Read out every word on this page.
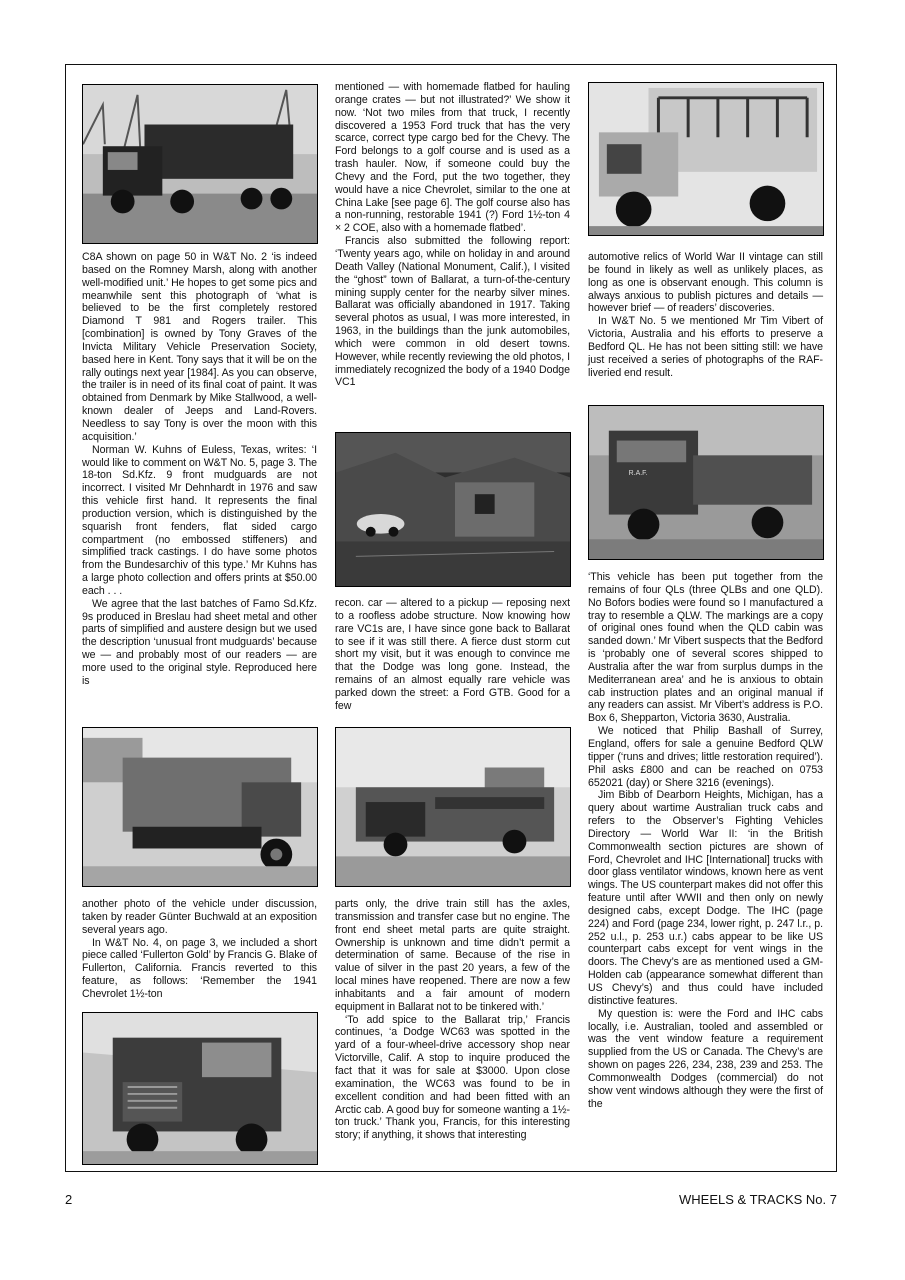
C8A shown on page 50 in W&T No. 2 ‘is indeed based on the Romney Marsh, along with another well-modified unit.’ He hopes to get some pics and meanwhile sent this photograph of ‘what is believed to be the first completely restored Diamond T 981 and Rogers trailer. This [combination] is owned by Tony Graves of the Invicta Military Vehicle Preservation Society, based here in Kent. Tony says that it will be on the rally outings next year [1984]. As you can observe, the trailer is in need of its final coat of paint. It was obtained from Denmark by Mike Stallwood, a well-known dealer of Jeeps and Land-Rovers. Needless to say Tony is over the moon with this acquisition.’

Norman W. Kuhns of Euless, Texas, writes: ‘I would like to comment on W&T No. 5, page 3. The 18-ton Sd.Kfz. 9 front mudguards are not incorrect. I visited Mr Dehnhardt in 1976 and saw this vehicle first hand. It represents the final production version, which is distinguished by the squarish front fenders, flat sided cargo compartment (no embossed stiffeners) and simplified track castings. I do have some photos from the Bundesarchiv of this type.’ Mr Kuhns has a large photo collection and offers prints at $50.00 each . . .

We agree that the last batches of Famo Sd.Kfz. 9s produced in Breslau had sheet metal and other parts of simplified and austere design but we used the description ‘unusual front mudguards’ because we — and probably most of our readers — are more used to the original style. Reproduced here is

another photo of the vehicle under discussion, taken by reader Günter Buchwald at an exposition several years ago.

In W&T No. 4, on page 3, we included a short piece called ‘Fullerton Gold’ by Francis G. Blake of Fullerton, California. Francis reverted to this feature, as follows: ‘Remember the 1941 Chevrolet 1½-ton

mentioned — with homemade flatbed for hauling orange crates — but not illustrated?’ We show it now. ‘Not two miles from that truck, I recently discovered a 1953 Ford truck that has the very scarce, correct type cargo bed for the Chevy. The Ford belongs to a golf course and is used as a trash hauler. Now, if someone could buy the Chevy and the Ford, put the two together, they would have a nice Chevrolet, similar to the one at China Lake [see page 6]. The golf course also has a non-running, restorable 1941 (?) Ford 1½-ton 4 × 2 COE, also with a homemade flatbed’.

Francis also submitted the following report: ‘Twenty years ago, while on holiday in and around Death Valley (National Monument, Calif.), I visited the “ghost” town of Ballarat, a turn-of-the-century mining supply center for the nearby silver mines. Ballarat was officially abandoned in 1917. Taking several photos as usual, I was more interested, in 1963, in the buildings than the junk automobiles, which were common in old desert towns. However, while recently reviewing the old photos, I immediately recognized the body of a 1940 Dodge VC1

recon. car — altered to a pickup — reposing next to a roofless adobe structure. Now knowing how rare VC1s are, I have since gone back to Ballarat to see if it was still there. A fierce dust storm cut short my visit, but it was enough to convince me that the Dodge was long gone. Instead, the remains of an almost equally rare vehicle was parked down the street: a Ford GTB. Good for a few

parts only, the drive train still has the axles, transmission and transfer case but no engine. The front end sheet metal parts are quite straight. Ownership is unknown and time didn’t permit a determination of same. Because of the rise in value of silver in the past 20 years, a few of the local mines have reopened. There are now a few inhabitants and a fair amount of modern equipment in Ballarat not to be tinkered with.’

‘To add spice to the Ballarat trip,’ Francis continues, ‘a Dodge WC63 was spotted in the yard of a four-wheel-drive accessory shop near Victorville, Calif. A stop to inquire produced the fact that it was for sale at $3000. Upon close examination, the WC63 was found to be in excellent condition and had been fitted with an Arctic cab. A good buy for someone wanting a 1½-ton truck.’ Thank you, Francis, for this interesting story; if anything, it shows that interesting

automotive relics of World War II vintage can still be found in likely as well as unlikely places, as long as one is observant enough. This column is always anxious to publish pictures and details — however brief — of readers’ discoveries.

In W&T No. 5 we mentioned Mr Tim Vibert of Victoria, Australia and his efforts to preserve a Bedford QL. He has not been sitting still: we have just received a series of photographs of the RAF-liveried end result.

R.A.F.

‘This vehicle has been put together from the remains of four QLs (three QLBs and one QLD). No Bofors bodies were found so I manufactured a tray to resemble a QLW. The markings are a copy of original ones found when the QLD cabin was sanded down.’ Mr Vibert suspects that the Bedford is ‘probably one of several scores shipped to Australia after the war from surplus dumps in the Mediterranean area’ and he is anxious to obtain cab instruction plates and an original manual if any readers can assist. Mr Vibert’s address is P.O. Box 6, Shepparton, Victoria 3630, Australia.

We noticed that Philip Bashall of Surrey, England, offers for sale a genuine Bedford QLW tipper (‘runs and drives; little restoration required’). Phil asks £800 and can be reached on 0753 652021 (day) or Shere 3216 (evenings).

Jim Bibb of Dearborn Heights, Michigan, has a query about wartime Australian truck cabs and refers to the Observer’s Fighting Vehicles Directory — World War II: ‘in the British Commonwealth section pictures are shown of Ford, Chevrolet and IHC [International] trucks with door glass ventilator windows, known here as vent wings. The US counterpart makes did not offer this feature until after WWII and then only on newly designed cabs, except Dodge. The IHC (page 224) and Ford (page 234, lower right, p. 247 l.r., p. 252 u.l., p. 253 u.r.) cabs appear to be like US counterpart cabs except for vent wings in the doors. The Chevy’s are as mentioned used a GM-Holden cab (appearance somewhat different than US Chevy’s) and thus could have included distinctive features.

My question is: were the Ford and IHC cabs locally, i.e. Australian, tooled and assembled or was the vent window feature a requirement supplied from the US or Canada. The Chevy’s are shown on pages 226, 234, 238, 239 and 253. The Commonwealth Dodges (commercial) do not show vent windows although they were the first of the

2	WHEELS & TRACKS No. 7
